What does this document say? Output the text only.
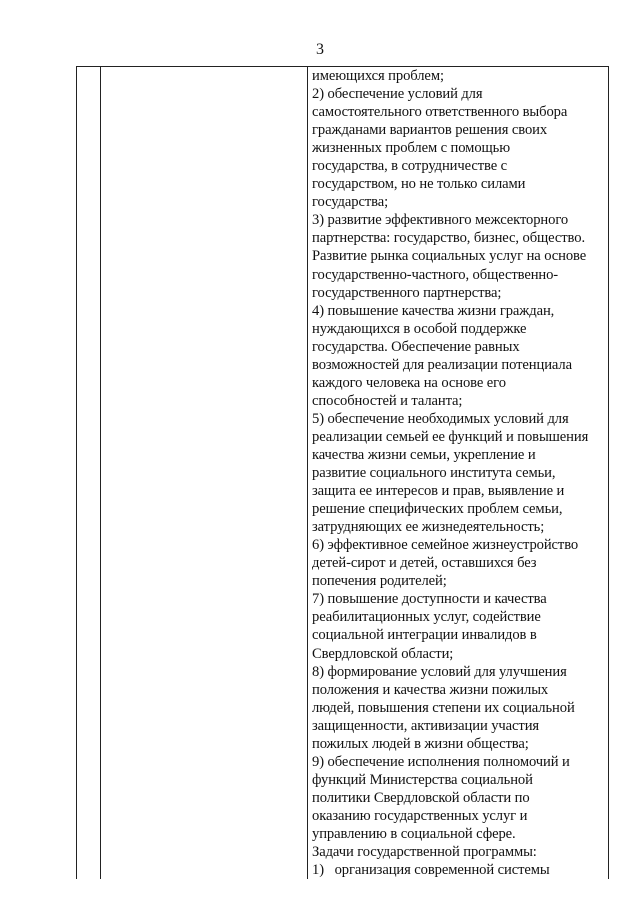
3

имеющихся проблем;
2) обеспечение условий для
самостоятельного ответственного выбора
гражданами вариантов решения своих
жизненных проблем с помощью
государства, в сотрудничестве с
государством, но не только силами
государства;
3) развитие эффективного межсекторного
партнерства: государство, бизнес, общество.
Развитие рынка социальных услуг на основе
государственно-частного, общественно-
государственного партнерства;
4) повышение качества жизни граждан,
нуждающихся в особой поддержке
государства. Обеспечение равных
возможностей для реализации потенциала
каждого человека на основе его
способностей и таланта;
5) обеспечение необходимых условий для
реализации семьей ее функций и повышения
качества жизни семьи, укрепление и
развитие социального института семьи,
защита ее интересов и прав, выявление и
решение специфических проблем семьи,
затрудняющих ее жизнедеятельность;
6) эффективное семейное жизнеустройство
детей-сирот и детей, оставшихся без
попечения родителей;
7) повышение доступности и качества
реабилитационных услуг, содействие
социальной интеграции инвалидов в
Свердловской области;
8) формирование условий для улучшения
положения и качества жизни пожилых
людей, повышения степени их социальной
защищенности, активизации участия
пожилых людей в жизни общества;
9) обеспечение исполнения полномочий и
функций Министерства социальной
политики Свердловской области по
оказанию государственных услуг и
управлению в социальной сфере.
Задачи государственной программы:
1)   организация современной системы
